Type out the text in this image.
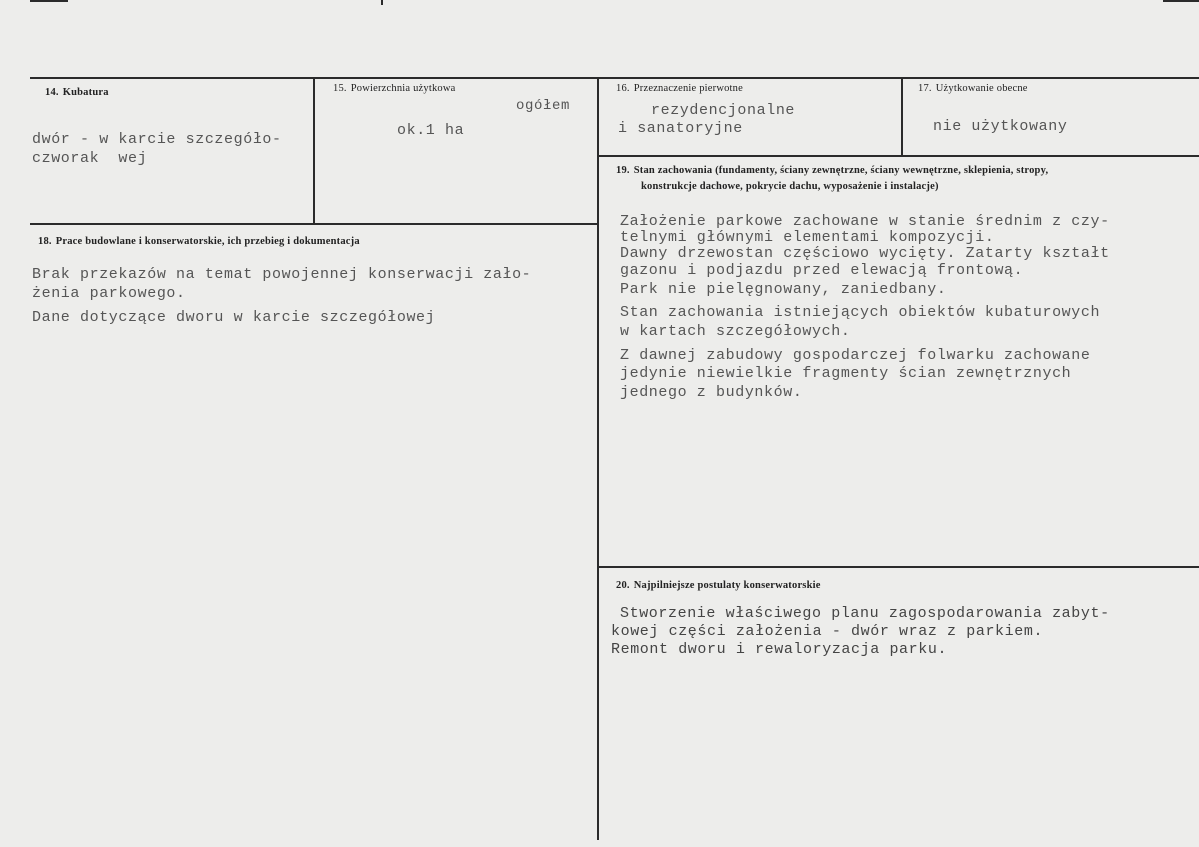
14. Kubatura
dwór - w karcie szczegóło-
czworak  wej
15. Powierzchnia użytkowa
ogółem
ok.1 ha
16. Przeznaczenie pierwotne
rezydencjonalne
i sanatoryjne
17. Użytkowanie obecne
nie użytkowany
18. Prace budowlane i konserwatorskie, ich przebieg i dokumentacja
Brak przekazów na temat powojennej konserwacji zało-
żenia parkowego.
Dane dotyczące dworu w karcie szczegółowej
19. Stan zachowania (fundamenty, ściany zewnętrzne, ściany wewnętrzne, sklepienia, stropy,
konstrukcje dachowe, pokrycie dachu, wyposażenie i instalacje)
Założenie parkowe zachowane w stanie średnim z czy-
telnymi głównymi elementami kompozycji.
Dawny drzewostan częściowo wycięty. Zatarty kształt
gazonu i podjazdu przed elewacją frontową.
Park nie pielęgnowany, zaniedbany.
Stan zachowania istniejących obiektów kubaturowych
w kartach szczegółowych.
Z dawnej zabudowy gospodarczej folwarku zachowane
jedynie niewielkie fragmenty ścian zewnętrznych
jednego z budynków.
20. Najpilniejsze postulaty konserwatorskie
Stworzenie właściwego planu zagospodarowania zabyt-
kowej części założenia - dwór wraz z parkiem.
Remont dworu i rewaloryzacja parku.
